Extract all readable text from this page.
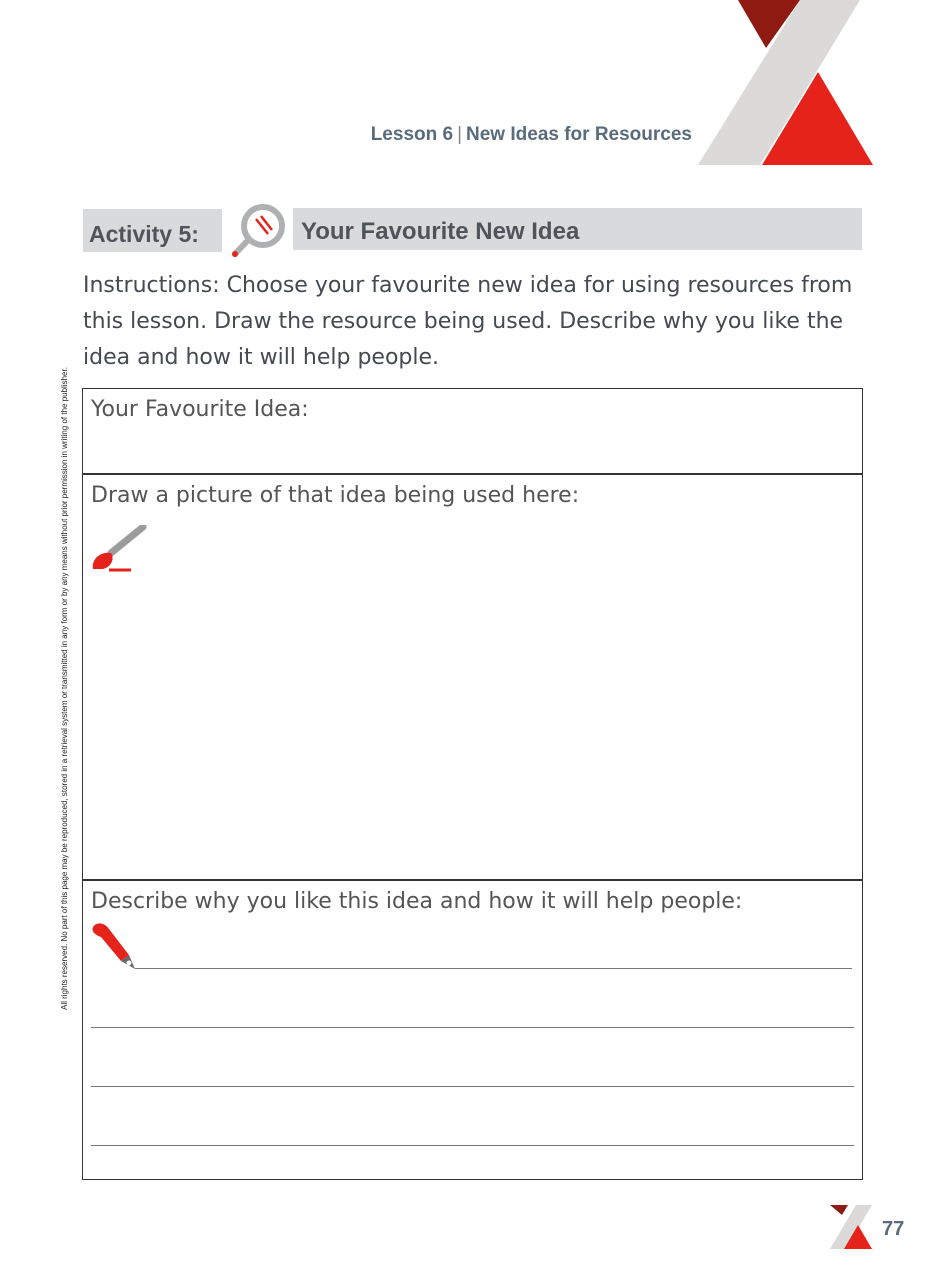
Lesson 6 | New Ideas for Resources
Activity 5:	Your Favourite New Idea
All rights reserved. No part of this page may be reproduced, stored in a retrieval system or transmitted in any form or by any means without prior permission in writing of the publisher.
Instructions: Choose your favourite new idea for using resources from this lesson. Draw the resource being used. Describe why you like the idea and how it will help people.
Your Favourite Idea:
Draw a picture of that idea being used here:
Describe why you like this idea and how it will help people:
77
